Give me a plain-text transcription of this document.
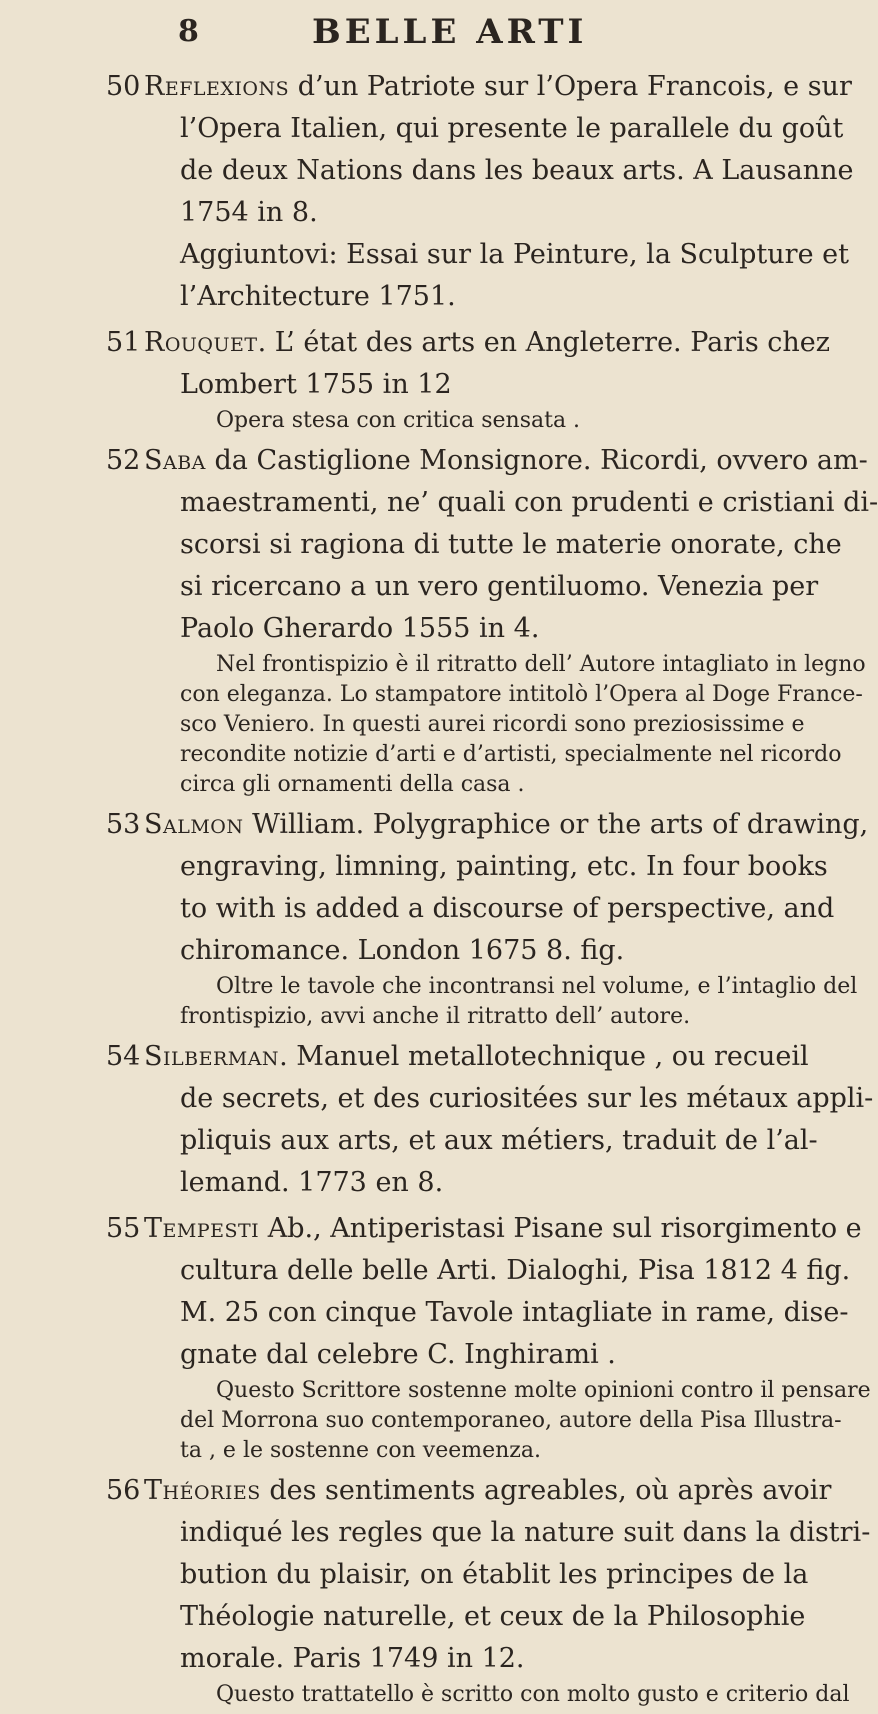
8	BELLE ARTI
50 Reflexions d’un Patriote sur l’Opera Francois, e sur
l’Opera Italien, qui presente le parallele du goût
de deux Nations dans les beaux arts. A Lausanne
1754 in 8.
Aggiuntovi: Essai sur la Peinture, la Sculpture et
l’Architecture 1751.
51 Rouquet. L’ état des arts en Angleterre. Paris chez
Lombert 1755 in 12
Opera stesa con critica sensata .
52 Saba da Castiglione Monsignore. Ricordi, ovvero am-
maestramenti, ne’ quali con prudenti e cristiani di-
scorsi si ragiona di tutte le materie onorate, che
si ricercano a un vero gentiluomo. Venezia per
Paolo Gherardo 1555 in 4.
Nel frontispizio è il ritratto dell’ Autore intagliato in legno
con eleganza. Lo stampatore intitolò l’Opera al Doge France-
sco Veniero. In questi aurei ricordi sono preziosissime e
recondite notizie d’arti e d’artisti, specialmente nel ricordo
circa gli ornamenti della casa .
53 Salmon William. Polygraphice or the arts of drawing,
engraving, limning, painting, etc. In four books
to with is added a discourse of perspective, and
chiromance. London 1675 8. fig.
Oltre le tavole che incontransi nel volume, e l’intaglio del
frontispizio, avvi anche il ritratto dell’ autore.
54 Silberman. Manuel metallotechnique , ou recueil
de secrets, et des curiositées sur les métaux appli-
pliquis aux arts, et aux métiers, traduit de l’al-
lemand. 1773 en 8.
55 Tempesti Ab., Antiperistasi Pisane sul risorgimento e
cultura delle belle Arti. Dialoghi, Pisa 1812 4 fig.
M. 25 con cinque Tavole intagliate in rame, dise-
gnate dal celebre C. Inghirami .
Questo Scrittore sostenne molte opinioni contro il pensare
del Morrona suo contemporaneo, autore della Pisa Illustra-
ta , e le sostenne con veemenza.
56 Théories des sentiments agreables, où après avoir
indiqué les regles que la nature suit dans la distri-
bution du plaisir, on établit les principes de la
Théologie naturelle, et ceux de la Philosophie
morale. Paris 1749 in 12.
Questo trattatello è scritto con molto gusto e criterio dal
